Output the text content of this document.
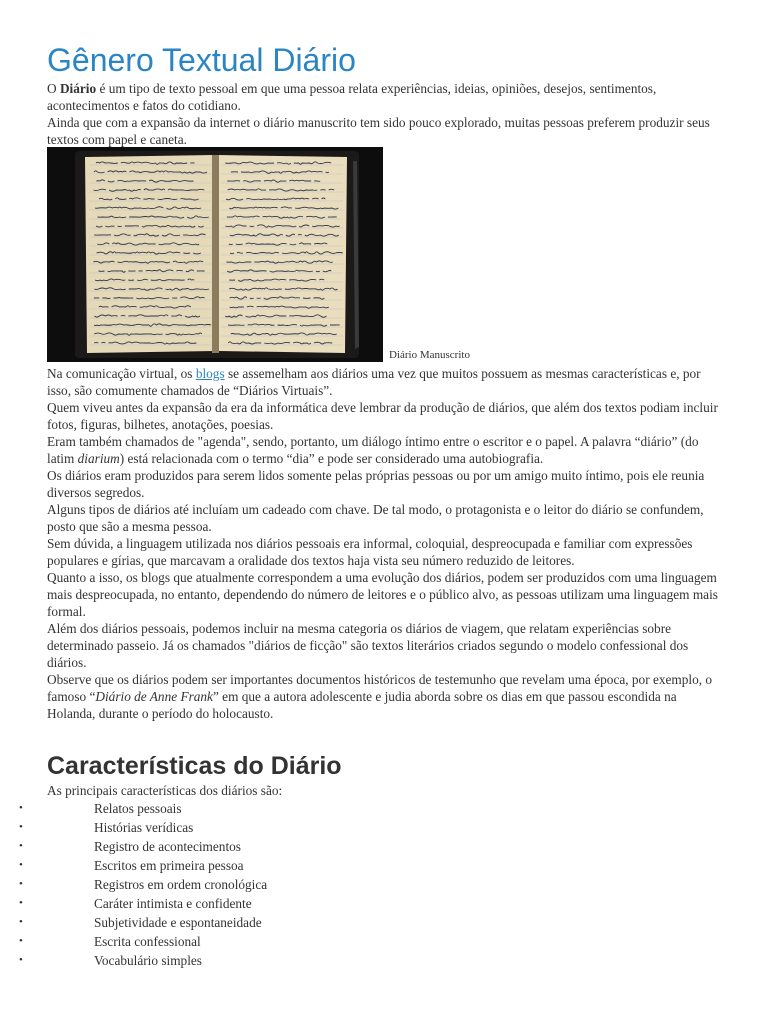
Gênero Textual Diário

O Diário é um tipo de texto pessoal em que uma pessoa relata experiências, ideias, opiniões, desejos, sentimentos, acontecimentos e fatos do cotidiano.

Ainda que com a expansão da internet o diário manuscrito tem sido pouco explorado, muitas pessoas preferem produzir seus textos com papel e caneta.

Diário Manuscrito

Na comunicação virtual, os blogs se assemelham aos diários uma vez que muitos possuem as mesmas características e, por isso, são comumente chamados de “Diários Virtuais”.

Quem viveu antes da expansão da era da informática deve lembrar da produção de diários, que além dos textos podiam incluir fotos, figuras, bilhetes, anotações, poesias.

Eram também chamados de "agenda", sendo, portanto, um diálogo íntimo entre o escritor e o papel. A palavra “diário” (do latim diarium) está relacionada com o termo “dia” e pode ser considerado uma autobiografia.

Os diários eram produzidos para serem lidos somente pelas próprias pessoas ou por um amigo muito íntimo, pois ele reunia diversos segredos.

Alguns tipos de diários até incluíam um cadeado com chave. De tal modo, o protagonista e o leitor do diário se confundem, posto que são a mesma pessoa.

Sem dúvida, a linguagem utilizada nos diários pessoais era informal, coloquial, despreocupada e familiar com expressões populares e gírias, que marcavam a oralidade dos textos haja vista seu número reduzido de leitores.

Quanto a isso, os blogs que atualmente correspondem a uma evolução dos diários, podem ser produzidos com uma linguagem mais despreocupada, no entanto, dependendo do número de leitores e o público alvo, as pessoas utilizam uma linguagem mais formal.

Além dos diários pessoais, podemos incluir na mesma categoria os diários de viagem, que relatam experiências sobre determinado passeio. Já os chamados "diários de ficção" são textos literários criados segundo o modelo confessional dos diários.

Observe que os diários podem ser importantes documentos históricos de testemunho que revelam uma época, por exemplo, o famoso “Diário de Anne Frank” em que a autora adolescente e judia aborda sobre os dias em que passou escondida na Holanda, durante o período do holocausto.

Características do Diário
As principais características dos diários são:
•	Relatos pessoais
•	Histórias verídicas
•	Registro de acontecimentos
•	Escritos em primeira pessoa
•	Registros em ordem cronológica
•	Caráter intimista e confidente
•	Subjetividade e espontaneidade
•	Escrita confessional
•	Vocabulário simples
